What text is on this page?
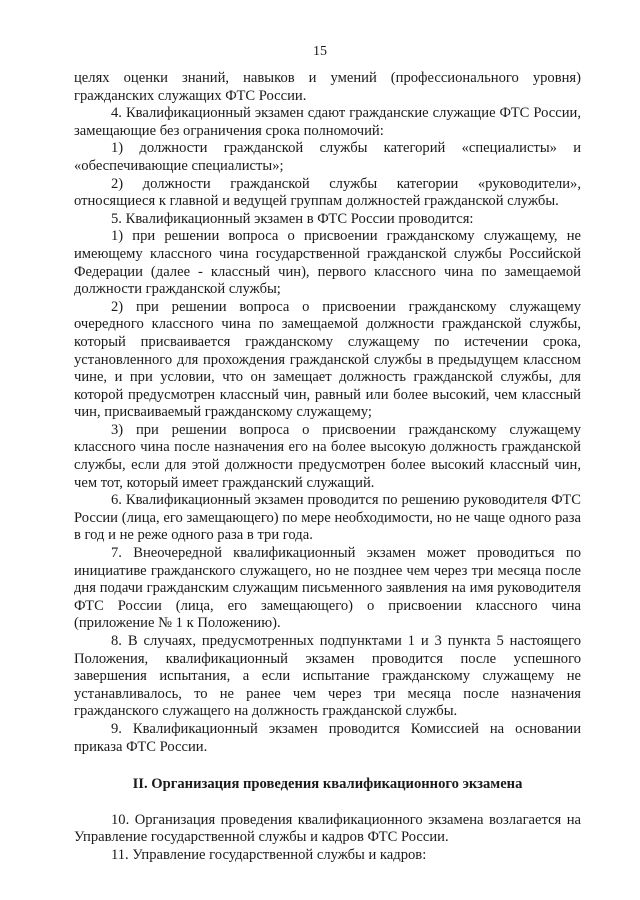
15

целях оценки знаний, навыков и умений (профессионального уровня) гражданских служащих ФТС России.

4. Квалификационный экзамен сдают гражданские служащие ФТС России, замещающие без ограничения срока полномочий:

1) должности гражданской службы категорий «специалисты» и «обеспечивающие специалисты»;

2) должности гражданской службы категории «руководители», относящиеся к главной и ведущей группам должностей гражданской службы.

5. Квалификационный экзамен в ФТС России проводится:

1) при решении вопроса о присвоении гражданскому служащему, не имеющему классного чина государственной гражданской службы Российской Федерации (далее - классный чин), первого классного чина по замещаемой должности гражданской службы;

2) при решении вопроса о присвоении гражданскому служащему очередного классного чина по замещаемой должности гражданской службы, который присваивается гражданскому служащему по истечении срока, установленного для прохождения гражданской службы в предыдущем классном чине, и при условии, что он замещает должность гражданской службы, для которой предусмотрен классный чин, равный или более высокий, чем классный чин, присваиваемый гражданскому служащему;

3) при решении вопроса о присвоении гражданскому служащему классного чина после назначения его на более высокую должность гражданской службы, если для этой должности предусмотрен более высокий классный чин, чем тот, который имеет гражданский служащий.

6. Квалификационный экзамен проводится по решению руководителя ФТС России (лица, его замещающего) по мере необходимости, но не чаще одного раза в год и не реже одного раза в три года.

7. Внеочередной квалификационный экзамен может проводиться по инициативе гражданского служащего, но не позднее чем через три месяца после дня подачи гражданским служащим письменного заявления на имя руководителя ФТС России (лица, его замещающего) о присвоении классного чина (приложение № 1 к Положению).

8. В случаях, предусмотренных подпунктами 1 и 3 пункта 5 настоящего Положения, квалификационный экзамен проводится после успешного завершения испытания, а если испытание гражданскому служащему не устанавливалось, то не ранее чем через три месяца после назначения гражданского служащего на должность гражданской службы.

9. Квалификационный экзамен проводится Комиссией на основании приказа ФТС России.

II. Организация проведения квалификационного экзамена

10. Организация проведения квалификационного экзамена возлагается на Управление государственной службы и кадров ФТС России.

11. Управление государственной службы и кадров:
